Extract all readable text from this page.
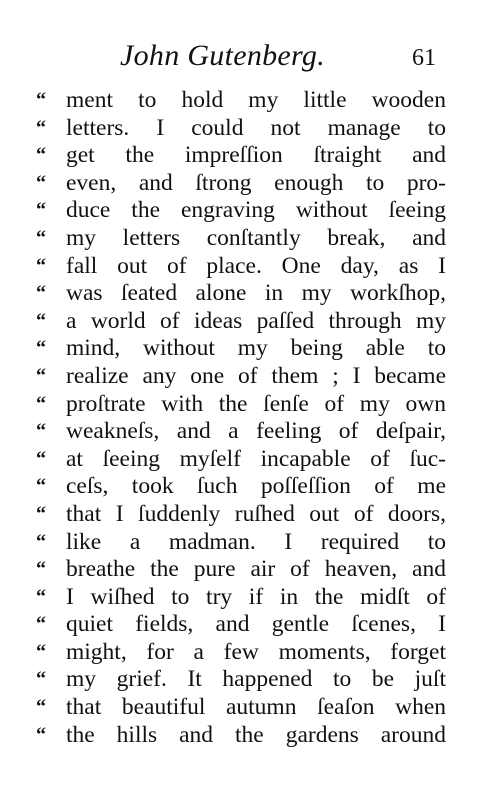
John Gutenberg.	61
“ ment to hold my little wooden
“ letters. I could not manage to
“ get the impreſſion ſtraight and
“ even, and ſtrong enough to pro-
“ duce the engraving without ſeeing
“ my letters conſtantly break, and
“ fall out of place. One day, as I
“ was ſeated alone in my workſhop,
“ a world of ideas paſſed through my
“ mind, without my being able to
“ realize any one of them ; I became
“ proſtrate with the ſenſe of my own
“ weakneſs, and a feeling of deſpair,
“ at ſeeing myſelf incapable of ſuc-
“ ceſs, took ſuch poſſeſſion of me
“ that I ſuddenly ruſhed out of doors,
“ like a madman. I required to
“ breathe the pure air of heaven, and
“ I wiſhed to try if in the midſt of
“ quiet fields, and gentle ſcenes, I
“ might, for a few moments, forget
“ my grief. It happened to be juſt
“ that beautiful autumn ſeaſon when
“ the hills and the gardens around
